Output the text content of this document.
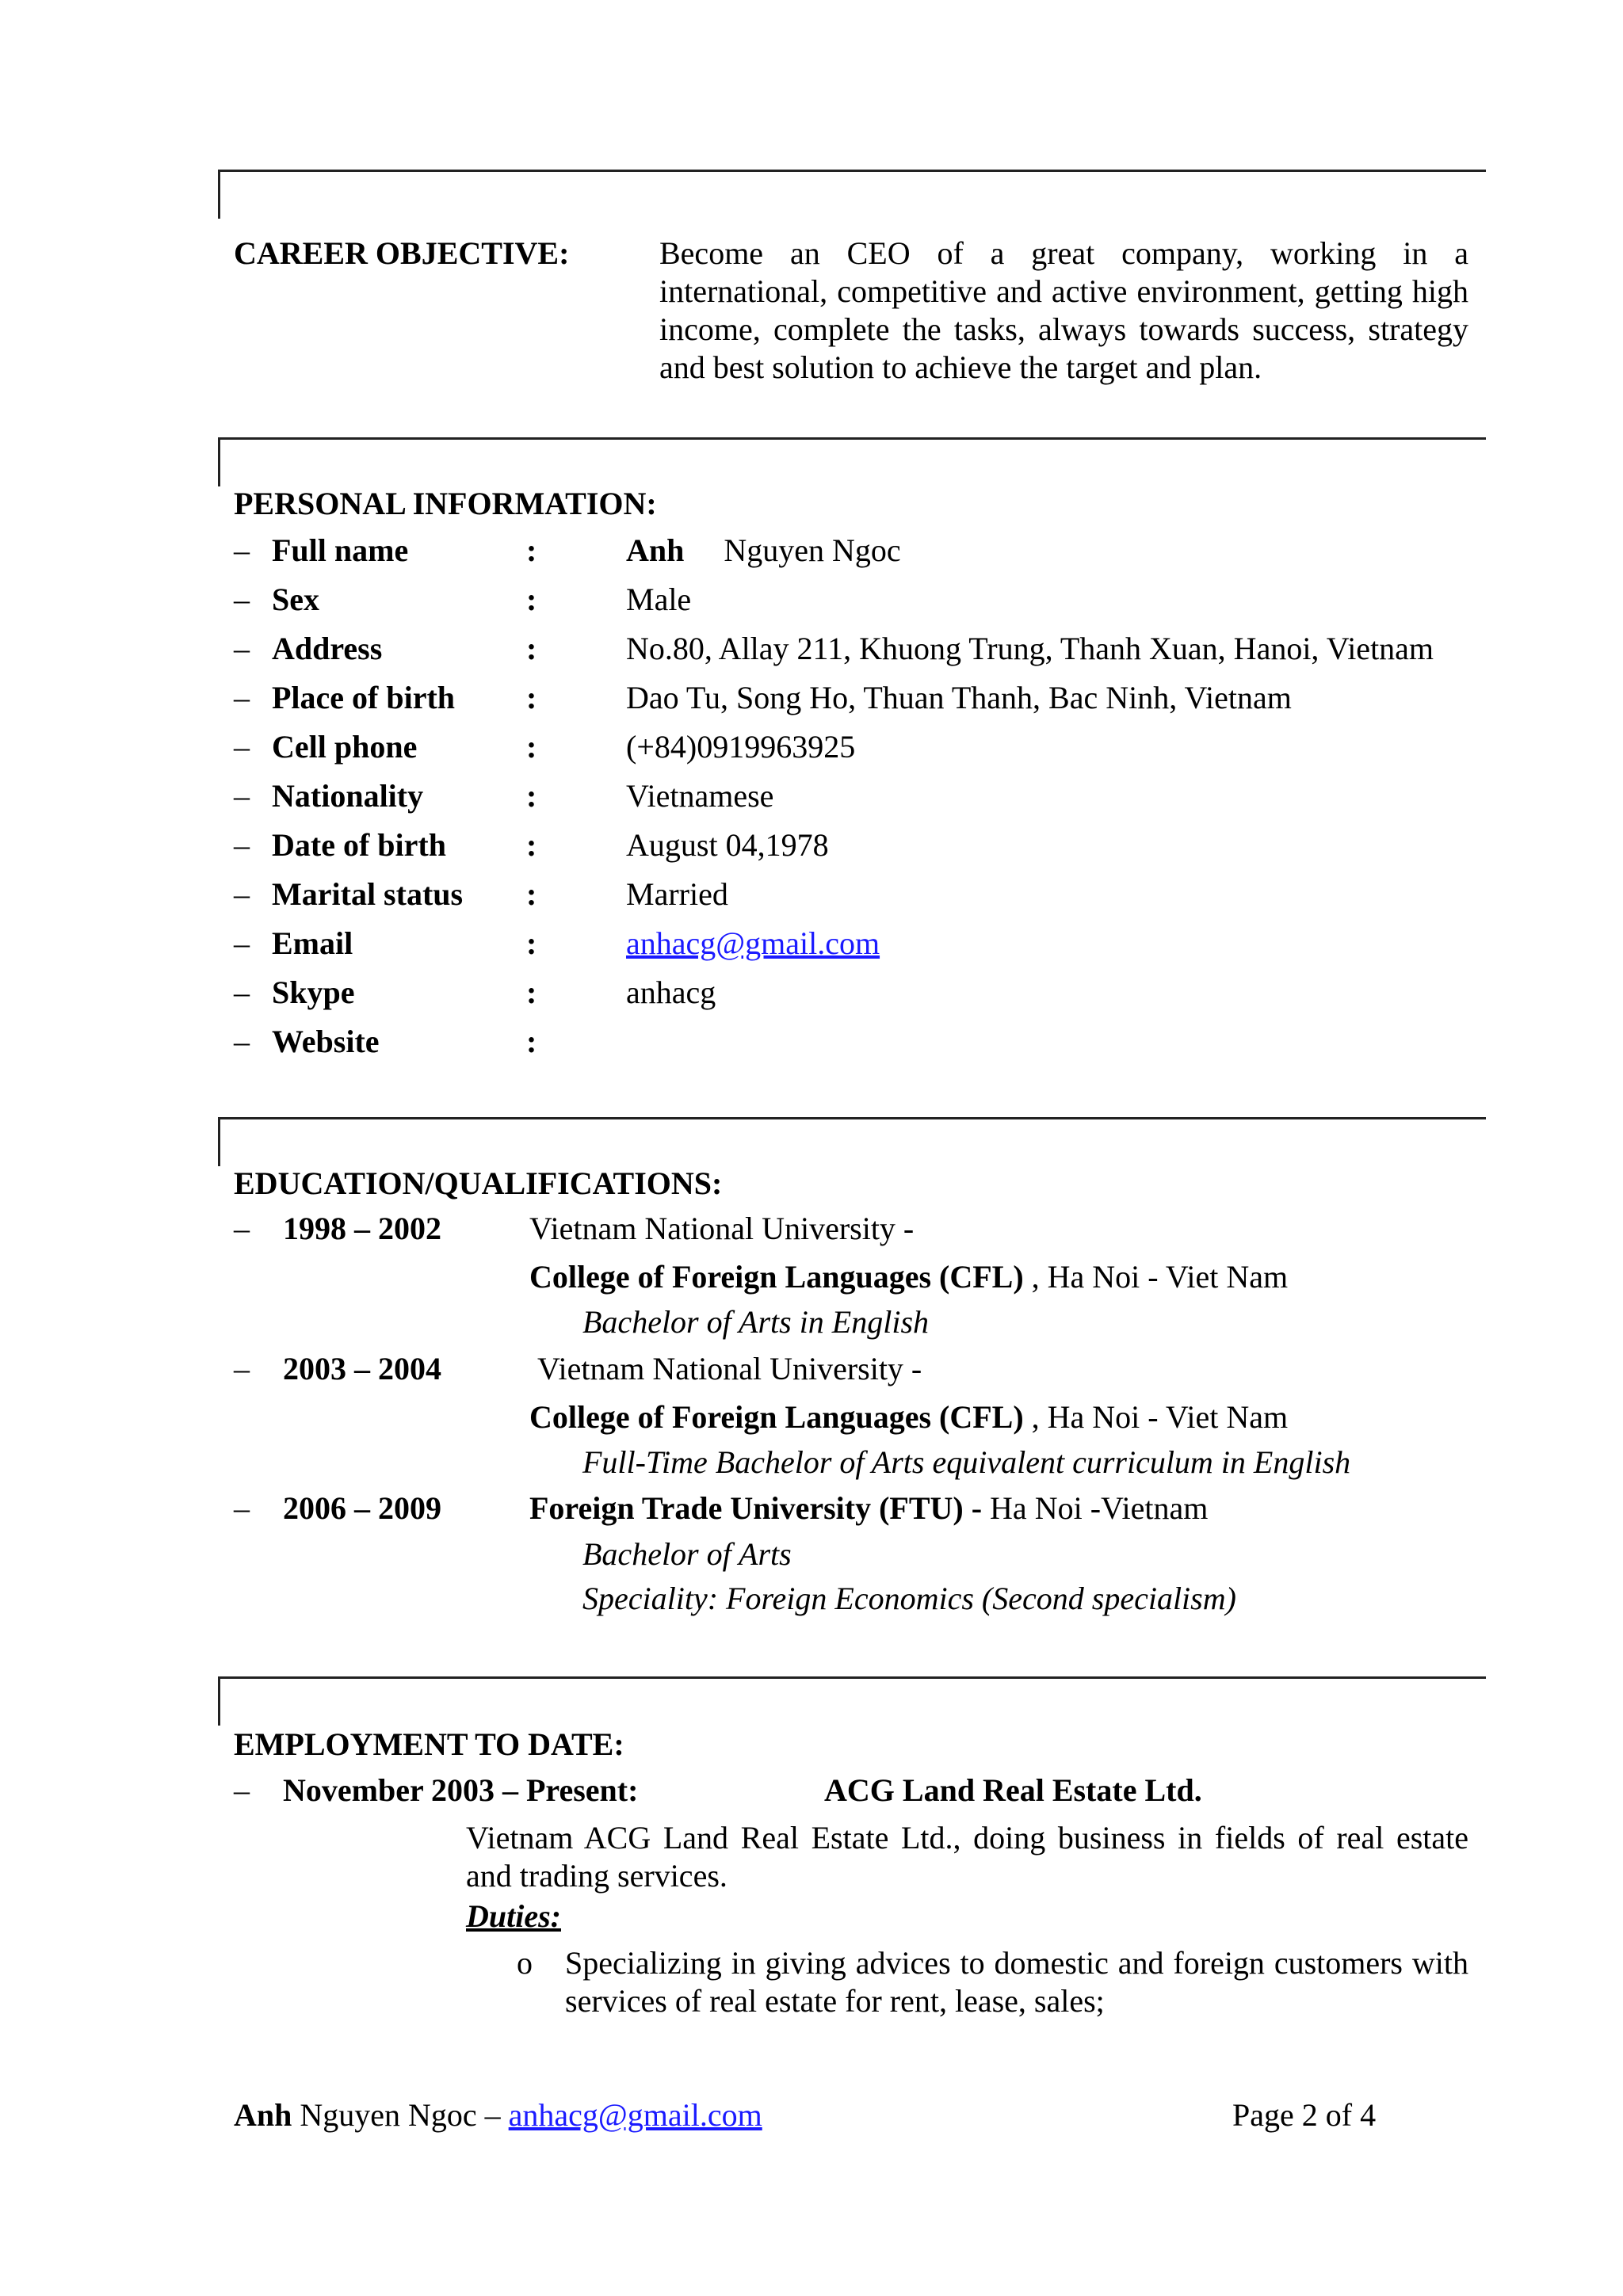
CAREER OBJECTIVE:	Become an CEO of a great company, working in a international, competitive and active environment, getting high income, complete the tasks, always towards success, strategy and best solution to achieve the target and plan.
PERSONAL INFORMATION:
– Full name	:	Anh Nguyen Ngoc
– Sex	:	Male
– Address	:	No.80, Allay 211, Khuong Trung, Thanh Xuan, Hanoi, Vietnam
– Place of birth :	Dao Tu, Song Ho, Thuan Thanh, Bac Ninh, Vietnam
– Cell phone	:	(+84)0919963925
– Nationality	:	Vietnamese
– Date of birth	:	August 04,1978
– Marital status :	Married
– Email	:	anhacg@gmail.com
– Skype	:	anhacg
– Website	:
EDUCATION/QUALIFICATIONS:
– 1998 – 2002	Vietnam National University -
College of Foreign Languages (CFL) , Ha Noi - Viet Nam
Bachelor of Arts in English
– 2003 – 2004	Vietnam National University -
College of Foreign Languages (CFL) , Ha Noi - Viet Nam
Full-Time Bachelor of Arts equivalent curriculum in English
– 2006 – 2009	Foreign Trade University (FTU) - Ha Noi -Vietnam
Bachelor of Arts
Speciality: Foreign Economics (Second specialism)
EMPLOYMENT TO DATE:
– November 2003 – Present:	ACG Land Real Estate Ltd.
Vietnam ACG Land Real Estate Ltd., doing business in fields of real estate and trading services.
Duties:
o Specializing in giving advices to domestic and foreign customers with services of real estate for rent, lease, sales;
Anh Nguyen Ngoc – anhacg@gmail.com	Page 2 of 4
